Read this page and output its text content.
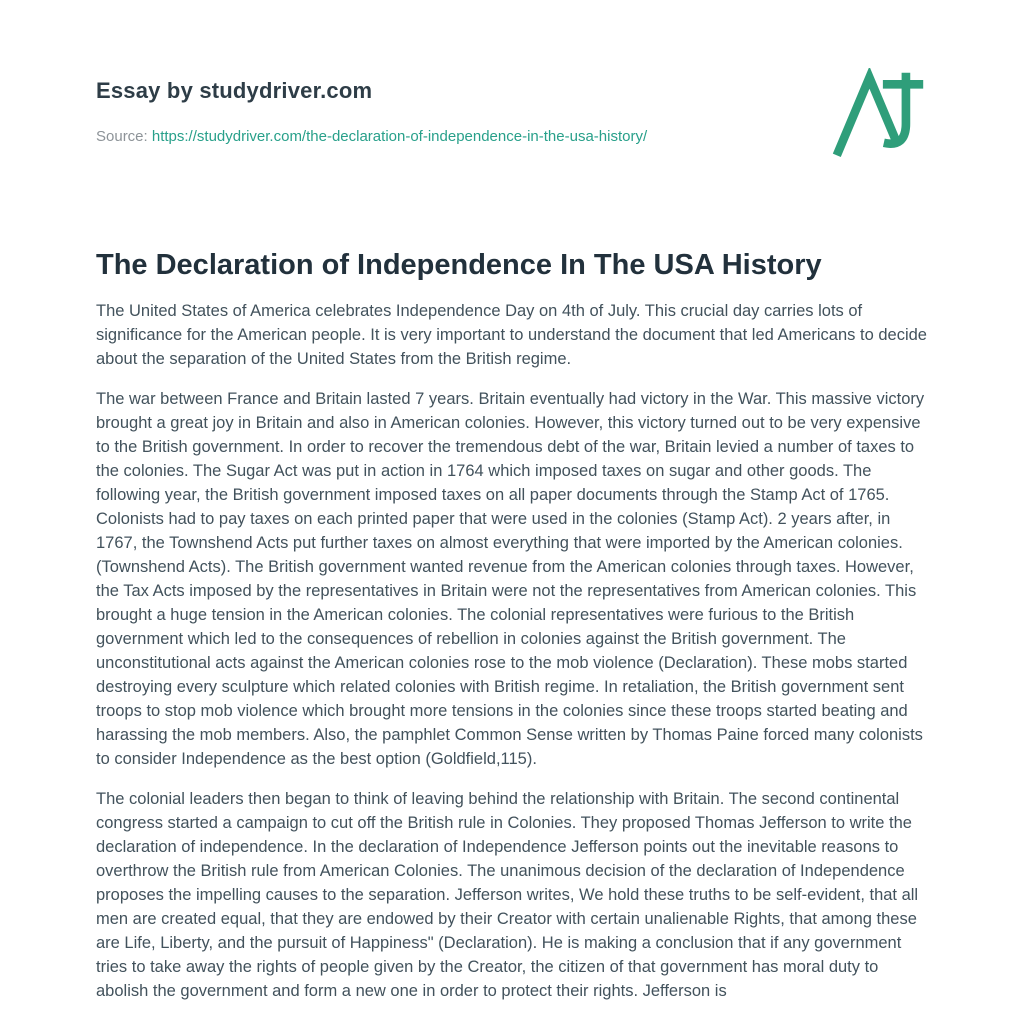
Essay by studydriver.com
Source: https://studydriver.com/the-declaration-of-independence-in-the-usa-history/
The Declaration of Independence In The USA History

The United States of America celebrates Independence Day on 4th of July. This crucial day carries lots of significance for the American people. It is very important to understand the document that led Americans to decide about the separation of the United States from the British regime.

The war between France and Britain lasted 7 years. Britain eventually had victory in the War. This massive victory brought a great joy in Britain and also in American colonies. However, this victory turned out to be very expensive to the British government. In order to recover the tremendous debt of the war, Britain levied a number of taxes to the colonies. The Sugar Act was put in action in 1764 which imposed taxes on sugar and other goods. The following year, the British government imposed taxes on all paper documents through the Stamp Act of 1765. Colonists had to pay taxes on each printed paper that were used in the colonies (Stamp Act). 2 years after, in 1767, the Townshend Acts put further taxes on almost everything that were imported by the American colonies. (Townshend Acts). The British government wanted revenue from the American colonies through taxes. However, the Tax Acts imposed by the representatives in Britain were not the representatives from American colonies. This brought a huge tension in the American colonies. The colonial representatives were furious to the British government which led to the consequences of rebellion in colonies against the British government. The unconstitutional acts against the American colonies rose to the mob violence (Declaration). These mobs started destroying every sculpture which related colonies with British regime. In retaliation, the British government sent troops to stop mob violence which brought more tensions in the colonies since these troops started beating and harassing the mob members. Also, the pamphlet Common Sense written by Thomas Paine forced many colonists to consider Independence as the best option (Goldfield,115).

The colonial leaders then began to think of leaving behind the relationship with Britain. The second continental congress started a campaign to cut off the British rule in Colonies. They proposed Thomas Jefferson to write the declaration of independence. In the declaration of Independence Jefferson points out the inevitable reasons to overthrow the British rule from American Colonies. The unanimous decision of the declaration of Independence proposes the impelling causes to the separation. Jefferson writes, We hold these truths to be self-evident, that all men are created equal, that they are endowed by their Creator with certain unalienable Rights, that among these are Life, Liberty, and the pursuit of Happiness" (Declaration). He is making a conclusion that if any government tries to take away the rights of people given by the Creator, the citizen of that government has moral duty to abolish the government and form a new one in order to protect their rights. Jefferson is
